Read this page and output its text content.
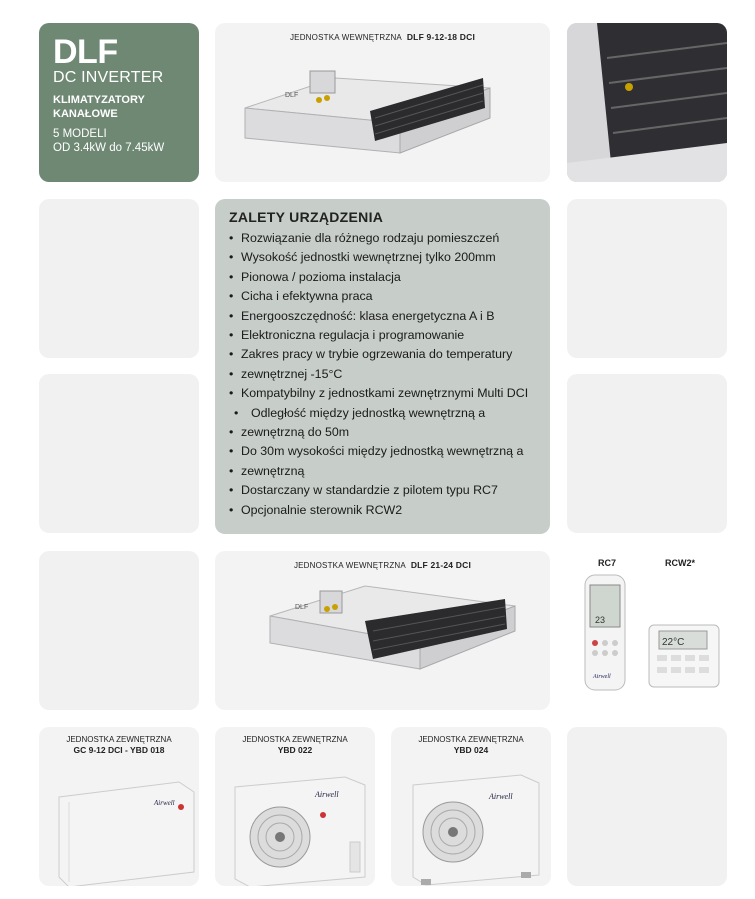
DLF
DC INVERTER
KLIMATYZATORY
KANAŁOWE
5 MODELI
OD 3.4kW do 7.45kW
JEDNOSTKA WEWNĘTRZNA DLF 9-12-18 DCI
DLF
ZALETY URZĄDZENIA
• Rozwiązanie dla różnego rodzaju pomieszczeń
• Wysokość jednostki wewnętrznej tylko 200mm
• Pionowa / pozioma instalacja
• Cicha i efektywna praca
• Energooszczędność: klasa energetyczna A i B
• Elektroniczna regulacja i programowanie
• Zakres pracy w trybie ogrzewania do temperatury
• zewnętrznej -15°C
• Kompatybilny z jednostkami zewnętrznymi Multi DCI
• Odległość między jednostką wewnętrzną a
• zewnętrzną do 50m
• Do 30m wysokości między jednostką wewnętrzną a
• zewnętrzną
• Dostarczany w standardzie z pilotem typu RC7
• Opcjonalnie sterownik RCW2
JEDNOSTKA WEWNĘTRZNA DLF 21-24 DCI
DLF
RC7	RCW2*
23
Airwell
22°C
JEDNOSTKA ZEWNĘTRZNA
GC 9-12 DCI - YBD 018
Airwell
JEDNOSTKA ZEWNĘTRZNA
YBD 022
Airwell
JEDNOSTKA ZEWNĘTRZNA
YBD 024
Airwell
